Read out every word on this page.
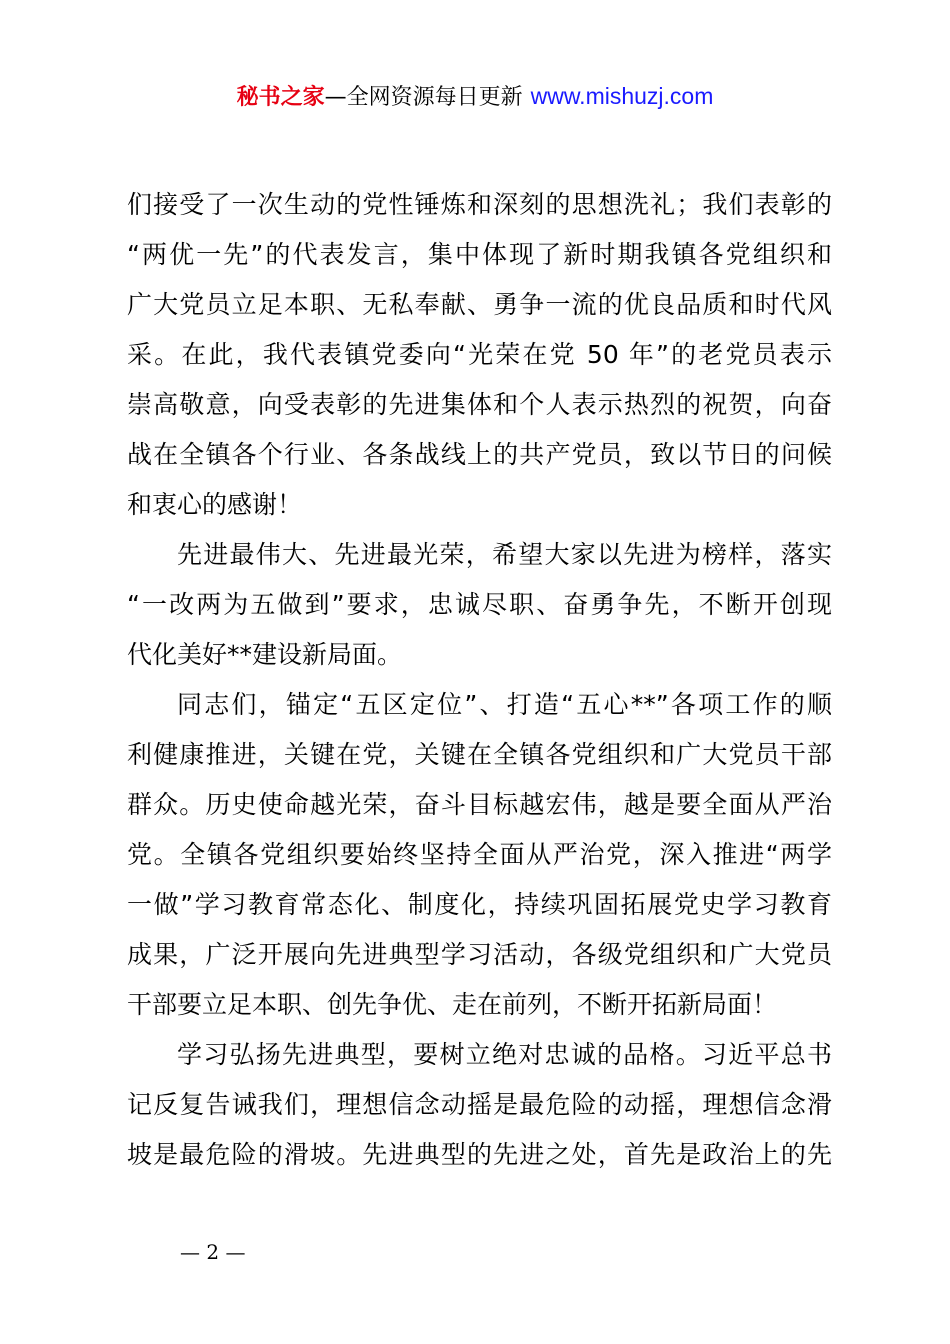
秘书之家—全网资源每日更新 www.mishuzj.com
们接受了一次生动的党性锤炼和深刻的思想洗礼；我们表彰的
“两优一先”的代表发言，集中体现了新时期我镇各党组织和
广大党员立足本职、无私奉献、勇争一流的优良品质和时代风
采。在此，我代表镇党委向“光荣在党 50 年”的老党员表示
崇高敬意，向受表彰的先进集体和个人表示热烈的祝贺，向奋
战在全镇各个行业、各条战线上的共产党员，致以节日的问候
和衷心的感谢！
先进最伟大、先进最光荣，希望大家以先进为榜样，落实
“一改两为五做到”要求，忠诚尽职、奋勇争先，不断开创现
代化美好**建设新局面。
同志们，锚定“五区定位”、打造“五心**”各项工作的顺
利健康推进，关键在党，关键在全镇各党组织和广大党员干部
群众。历史使命越光荣，奋斗目标越宏伟，越是要全面从严治
党。全镇各党组织要始终坚持全面从严治党，深入推进“两学
一做”学习教育常态化、制度化，持续巩固拓展党史学习教育
成果，广泛开展向先进典型学习活动，各级党组织和广大党员
干部要立足本职、创先争优、走在前列，不断开拓新局面！
学习弘扬先进典型，要树立绝对忠诚的品格。习近平总书
记反复告诫我们，理想信念动摇是最危险的动摇，理想信念滑
坡是最危险的滑坡。先进典型的先进之处，首先是政治上的先
— 2 —
